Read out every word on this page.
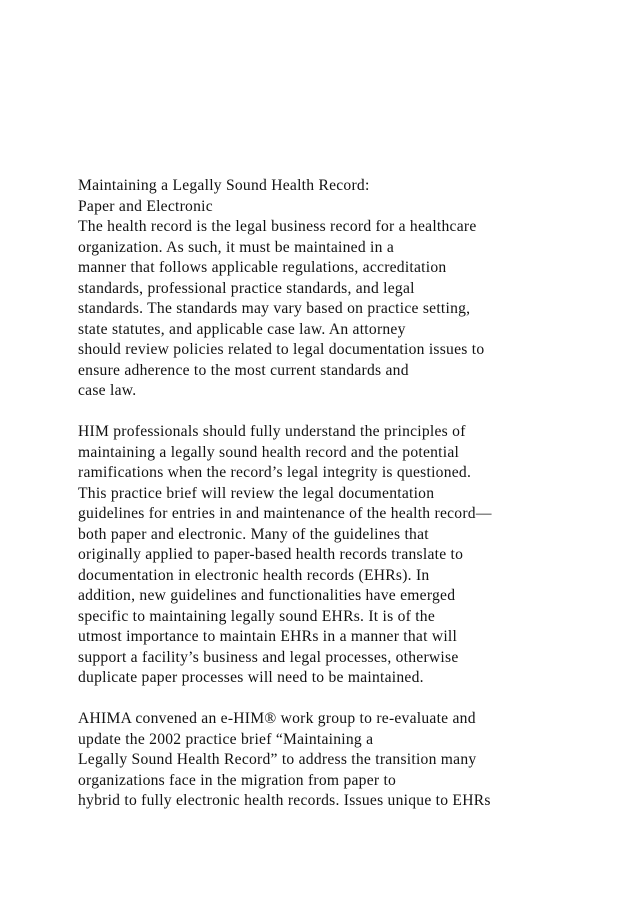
Maintaining a Legally Sound Health Record:
Paper and Electronic
The health record is the legal business record for a healthcare
organization. As such, it must be maintained in a
manner that follows applicable regulations, accreditation
standards, professional practice standards, and legal
standards. The standards may vary based on practice setting,
state statutes, and applicable case law. An attorney
should review policies related to legal documentation issues to
ensure adherence to the most current standards and
case law.
HIM professionals should fully understand the principles of
maintaining a legally sound health record and the potential
ramifications when the record’s legal integrity is questioned.
This practice brief will review the legal documentation
guidelines for entries in and maintenance of the health record—
both paper and electronic. Many of the guidelines that
originally applied to paper-based health records translate to
documentation in electronic health records (EHRs). In
addition, new guidelines and functionalities have emerged
specific to maintaining legally sound EHRs. It is of the
utmost importance to maintain EHRs in a manner that will
support a facility’s business and legal processes, otherwise
duplicate paper processes will need to be maintained.
AHIMA convened an e-HIM® work group to re-evaluate and
update the 2002 practice brief “Maintaining a
Legally Sound Health Record” to address the transition many
organizations face in the migration from paper to
hybrid to fully electronic health records. Issues unique to EHRs
